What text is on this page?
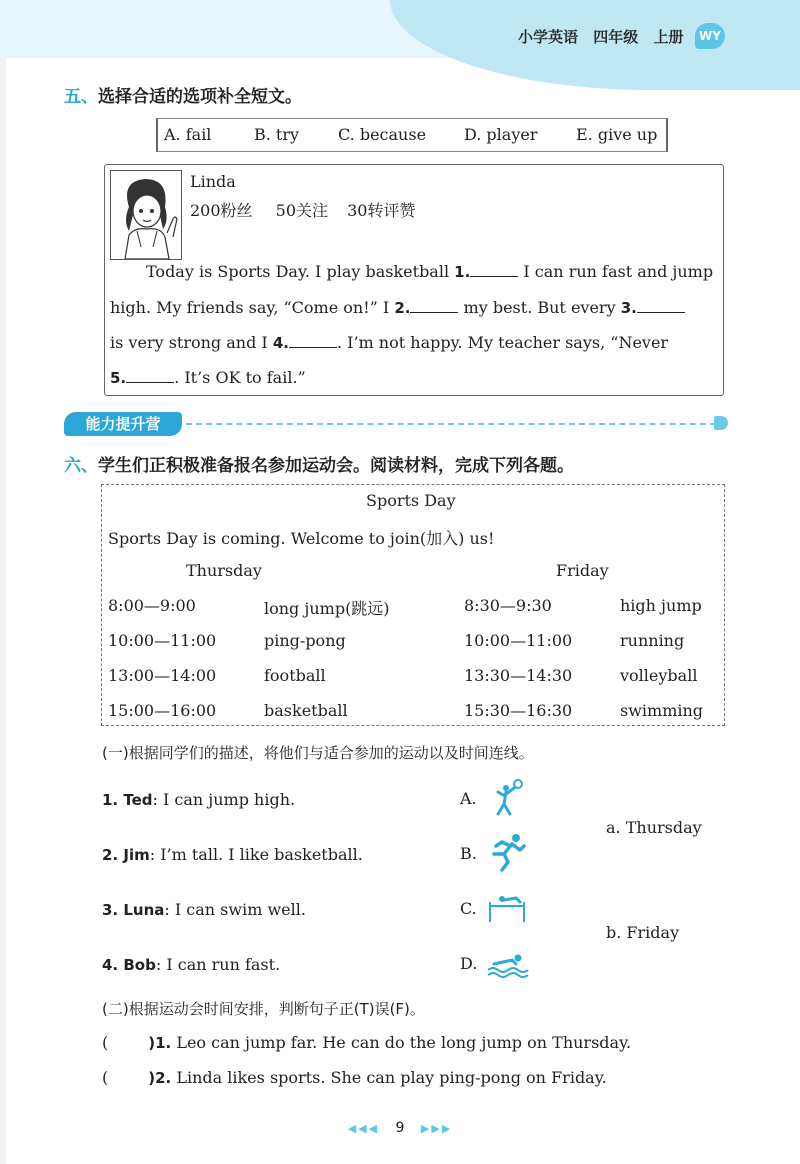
小学英语 四年级 上册	WY
五、选择合适的选项补全短文。
A. fail	B. try C. because D. player E. give up
Linda
200粉丝 50关注 30转评赞
Today is Sports Day. I play basketball 1.	I can run fast and jump
high. My friends say, “Come on!” I 2.	my best. But every 3.
is very strong and I 4.	. I’m not happy. My teacher says, “Never
5.	. It’s OK to fail.”
能力提升营
六、学生们正积极准备报名参加运动会。阅读材料，完成下列各题。
Sports Day
Sports Day is coming. Welcome to join(加入) us!
Thursday	Friday
8:00—9:00	long jump(跳远)	8:30—9:30	high jump
10:00—11:00	ping-pong	10:00—11:00	running
13:00—14:00	football	13:30—14:30	volleyball
15:00—16:00	basketball	15:30—16:30	swimming
(一)根据同学们的描述，将他们与适合参加的运动以及时间连线。
1. Ted: I can jump high.
2. Jim: I’m tall. I like basketball.
3. Luna: I can swim well.
4. Bob: I can run fast.
A.
B.
C.
D.
a. Thursday
b. Friday
(二)根据运动会时间安排，判断句子正(T)误(F)。
(	)1. Leo can jump far. He can do the long jump on Thursday.
(	)2. Linda likes sports. She can play ping-pong on Friday.
◀◀◀ 9 ▶▶▶
